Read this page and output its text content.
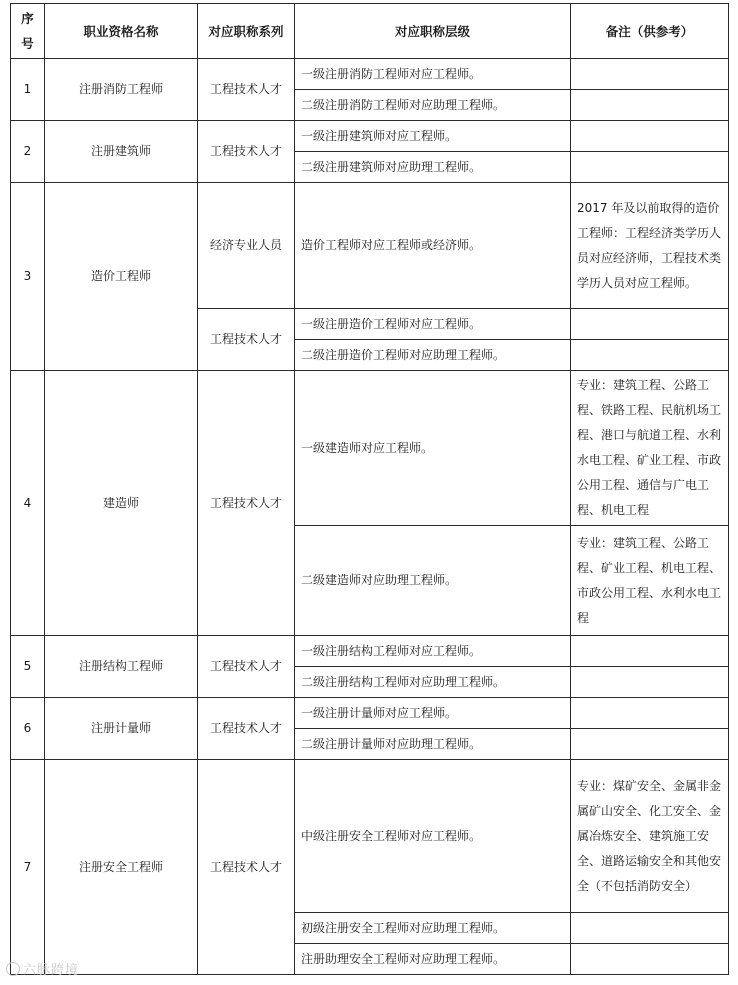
序
号	职业资格名称	对应职称系列	对应职称层级	备注（供参考）
1	注册消防工程师	工程技术人才	一级注册消防工程师对应工程师。	
			二级注册消防工程师对应助理工程师。	
2	注册建筑师	工程技术人才	一级注册建筑师对应工程师。	
			二级注册建筑师对应助理工程师。	
3	造价工程师	经济专业人员	造价工程师对应工程师或经济师。	2017 年及以前取得的造价工程师：工程经济类学历人员对应经济师，工程技术类学历人员对应工程师。
		工程技术人才	一级注册造价工程师对应工程师。	
			二级注册造价工程师对应助理工程师。	
4	建造师	工程技术人才	一级建造师对应工程师。	专业：建筑工程、公路工程、铁路工程、民航机场工程、港口与航道工程、水利水电工程、矿业工程、市政公用工程、通信与广电工程、机电工程
			二级建造师对应助理工程师。	专业：建筑工程、公路工程、矿业工程、机电工程、市政公用工程、水利水电工程
5	注册结构工程师	工程技术人才	一级注册结构工程师对应工程师。	
			二级注册结构工程师对应助理工程师。	
6	注册计量师	工程技术人才	一级注册计量师对应工程师。	
			二级注册计量师对应助理工程师。	
7	注册安全工程师	工程技术人才	中级注册安全工程师对应工程师。	专业：煤矿安全、金属非金属矿山安全、化工安全、金属冶炼安全、建筑施工安全、道路运输安全和其他安全（不包括消防安全）
			初级注册安全工程师对应助理工程师。	
			注册助理安全工程师对应助理工程师。	
六脉跨境
